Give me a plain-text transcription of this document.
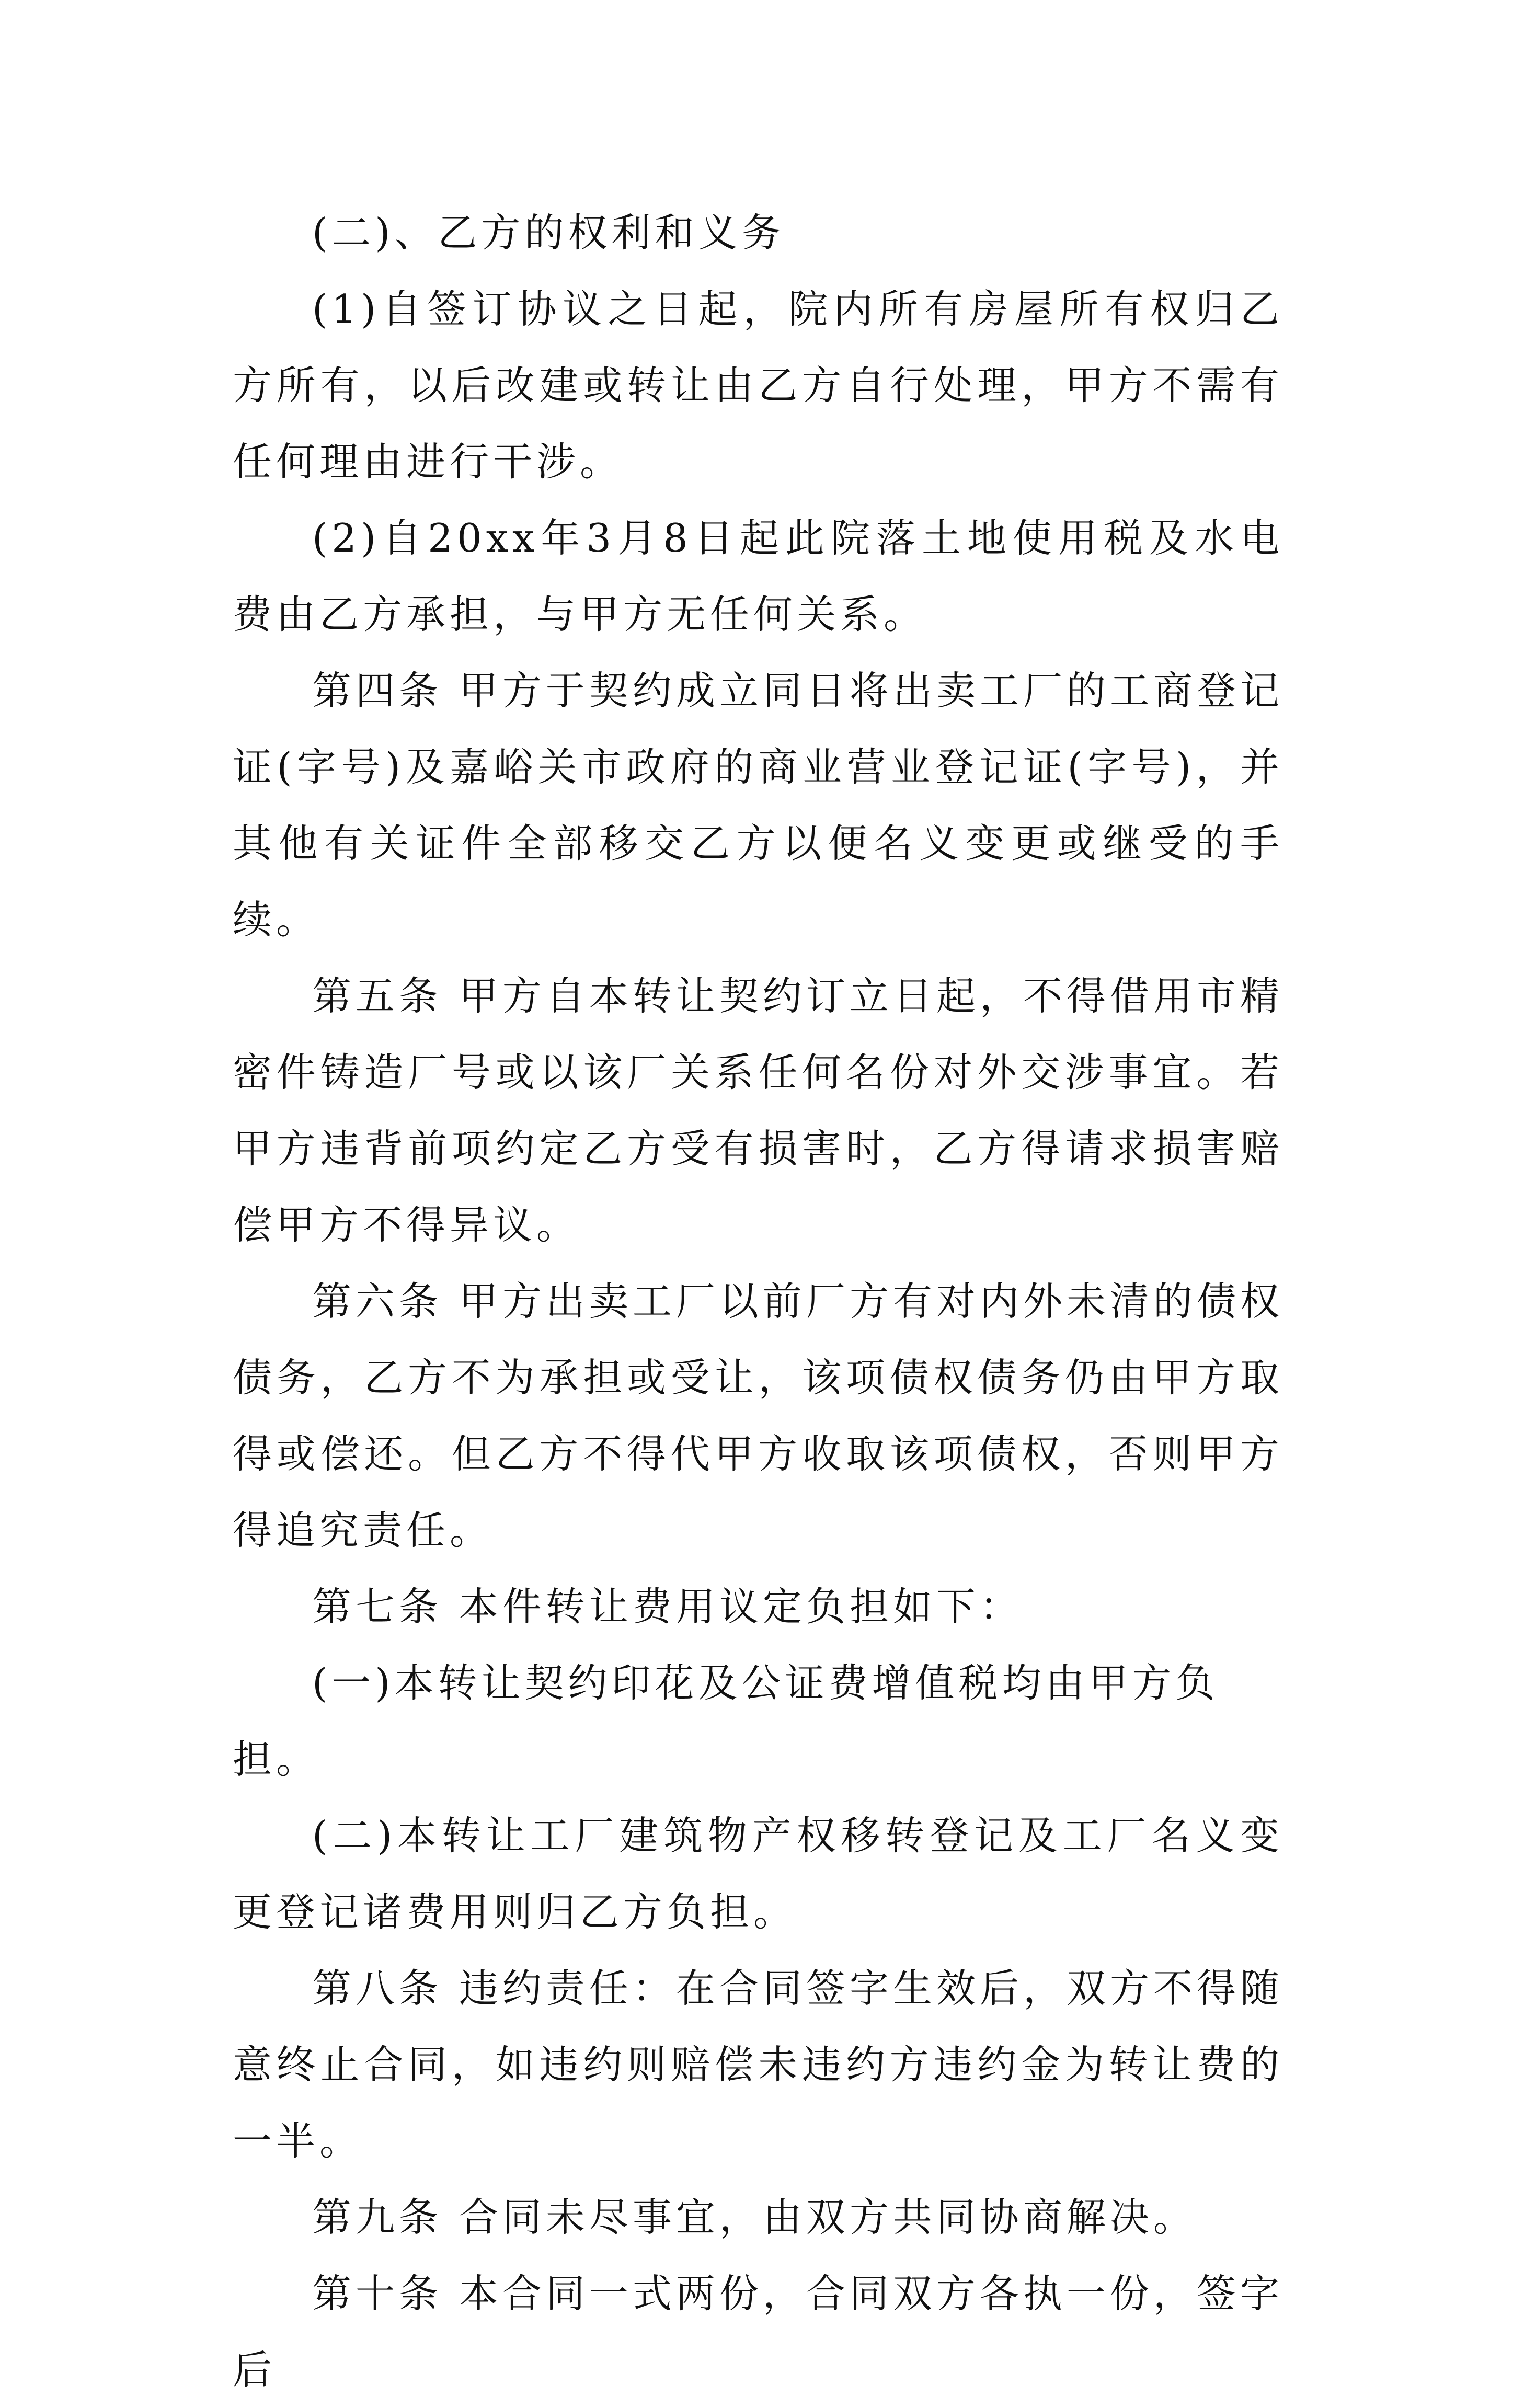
(二)、乙方的权利和义务

(1)自签订协议之日起，院内所有房屋所有权归乙方所有，以后改建或转让由乙方自行处理，甲方不需有任何理由进行干涉。

(2)自20xx年3月8日起此院落土地使用税及水电费由乙方承担，与甲方无任何关系。

第四条 甲方于契约成立同日将出卖工厂的工商登记证(字号)及嘉峪关市政府的商业营业登记证(字号)，并其他有关证件全部移交乙方以便名义变更或继受的手续。

第五条 甲方自本转让契约订立日起，不得借用市精密件铸造厂号或以该厂关系任何名份对外交涉事宜。若甲方违背前项约定乙方受有损害时，乙方得请求损害赔偿甲方不得异议。

第六条 甲方出卖工厂以前厂方有对内外未清的债权债务，乙方不为承担或受让，该项债权债务仍由甲方取得或偿还。但乙方不得代甲方收取该项债权，否则甲方得追究责任。

第七条 本件转让费用议定负担如下：

(一)本转让契约印花及公证费增值税均由甲方负担。

(二)本转让工厂建筑物产权移转登记及工厂名义变更登记诸费用则归乙方负担。

第八条 违约责任：在合同签字生效后，双方不得随意终止合同，如违约则赔偿未违约方违约金为转让费的一半。

第九条 合同未尽事宜，由双方共同协商解决。

第十条 本合同一式两份，合同双方各执一份，签字后
